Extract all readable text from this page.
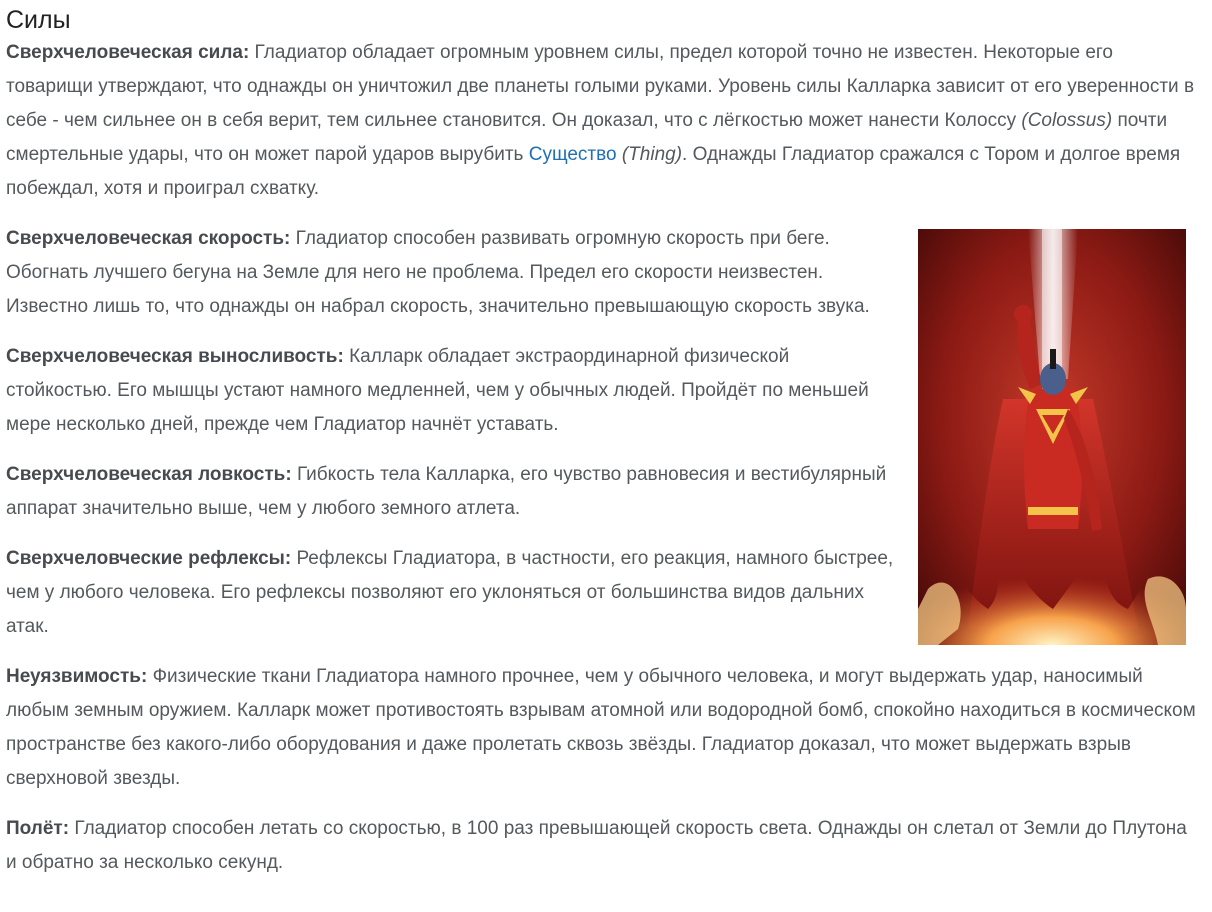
Силы

Сверхчеловеческая сила: Гладиатор обладает огромным уровнем силы, предел которой точно не известен. Некоторые его товарищи утверждают, что однажды он уничтожил две планеты голыми руками. Уровень силы Калларка зависит от его уверенности в себе - чем сильнее он в себя верит, тем сильнее становится. Он доказал, что с лёгкостью может нанести Колоссу (Colossus) почти смертельные удары, что он может парой ударов вырубить Существо (Thing). Однажды Гладиатор сражался с Тором и долгое время побеждал, хотя и проиграл схватку.

Сверхчеловеческая скорость: Гладиатор способен развивать огромную скорость при беге. Обогнать лучшего бегуна на Земле для него не проблема. Предел его скорости неизвестен. Известно лишь то, что однажды он набрал скорость, значительно превышающую скорость звука.

Сверхчеловеческая выносливость: Калларк обладает экстраординарной физической стойкостью. Его мышцы устают намного медленней, чем у обычных людей. Пройдёт по меньшей мере несколько дней, прежде чем Гладиатор начнёт уставать.

Сверхчеловеческая ловкость: Гибкость тела Калларка, его чувство равновесия и вестибулярный аппарат значительно выше, чем у любого земного атлета.

Сверхчеловческие рефлексы: Рефлексы Гладиатора, в частности, его реакция, намного быстрее, чем у любого человека. Его рефлексы позволяют его уклоняться от большинства видов дальних атак.

Неуязвимость: Физические ткани Гладиатора намного прочнее, чем у обычного человека, и могут выдержать удар, наносимый любым земным оружием. Калларк может противостоять взрывам атомной или водородной бомб, спокойно находиться в космическом пространстве без какого-либо оборудования и даже пролетать сквозь звёзды. Гладиатор доказал, что может выдержать взрыв сверхновой звезды.

Полёт: Гладиатор способен летать со скоростью, в 100 раз превышающей скорость света. Однажды он слетал от Земли до Плутона и обратно за несколько секунд.
